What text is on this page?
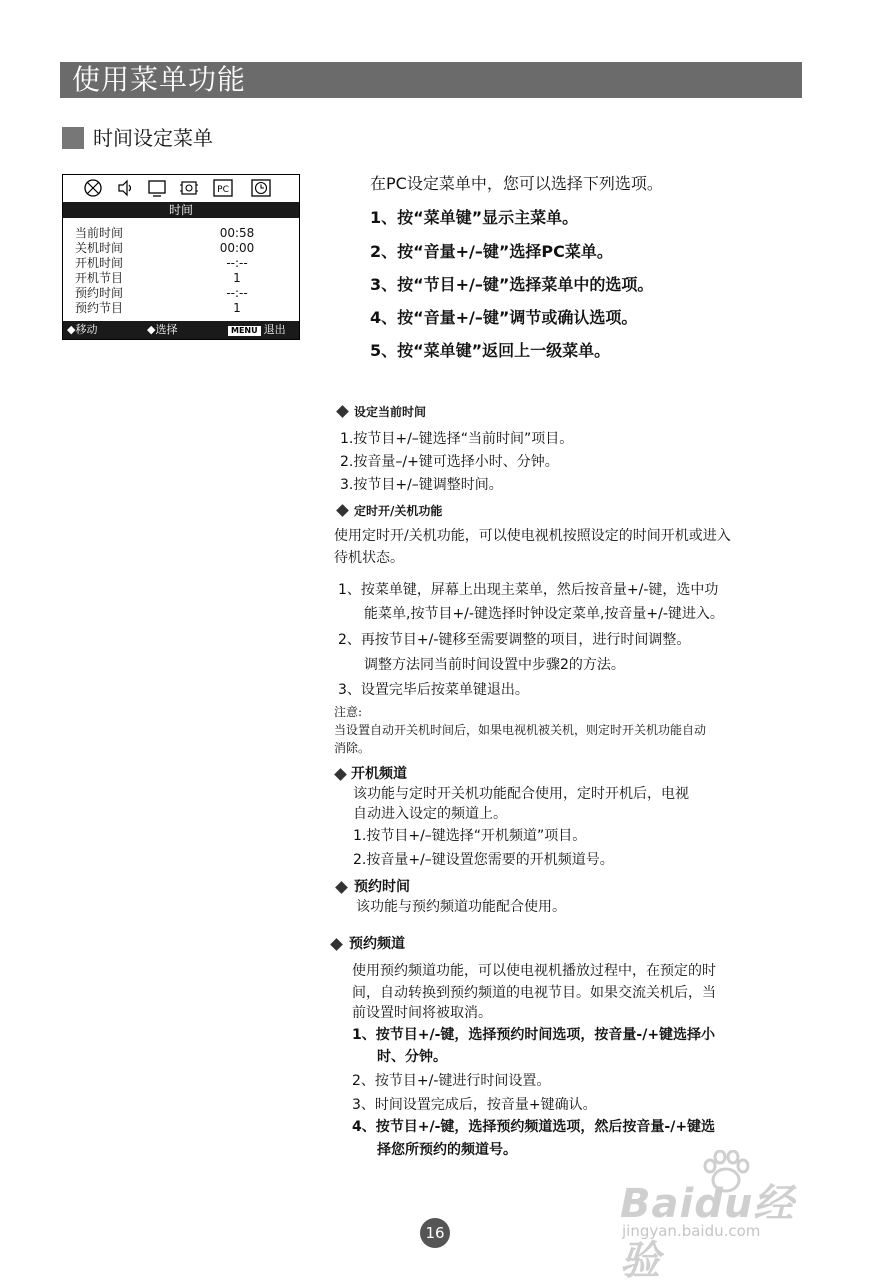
使用菜单功能
时间设定菜单
PC
时间
当前时间	00:58
关机时间	00:00
开机时间	--:--
开机节目	1
预约时间	--:--
预约节目	1
◆移动	◆选择	MENU 退出
在PC设定菜单中，您可以选择下列选项。
1、按“菜单键”显示主菜单。
2、按“音量+/–键”选择PC菜单。
3、按“节目+/–键”选择菜单中的选项。
4、按“音量+/–键”调节或确认选项。
5、按“菜单键”返回上一级菜单。
设定当前时间
1.按节目+/–键选择“当前时间”项目。
2.按音量–/+键可选择小时、分钟。
3.按节目+/–键调整时间。
定时开/关机功能
使用定时开/关机功能，可以使电视机按照设定的时间开机或进入
待机状态。
1、按菜单键，屏幕上出现主菜单，然后按音量+/-键，选中功
能菜单,按节目+/-键选择时钟设定菜单,按音量+/-键进入。
2、再按节目+/-键移至需要调整的项目，进行时间调整。
调整方法同当前时间设置中步骤2的方法。
3、设置完毕后按菜单键退出。
注意:
当设置自动开关机时间后，如果电视机被关机，则定时开关机功能自动
消除。
开机频道
该功能与定时开关机功能配合使用，定时开机后，电视
自动进入设定的频道上。
1.按节目+/–键选择“开机频道”项目。
2.按音量+/–键设置您需要的开机频道号。
预约时间
该功能与预约频道功能配合使用。
预约频道
使用预约频道功能，可以使电视机播放过程中，在预定的时
间，自动转换到预约频道的电视节目。如果交流关机后，当
前设置时间将被取消。
1、按节目+/-键，选择预约时间选项，按音量-/+键选择小
时、分钟。
2、按节目+/-键进行时间设置。
3、时间设置完成后，按音量+键确认。
4、按节目+/-键，选择预约频道选项，然后按音量-/+键选
择您所预约的频道号。
16
Baidu经验
jingyan.baidu.com
